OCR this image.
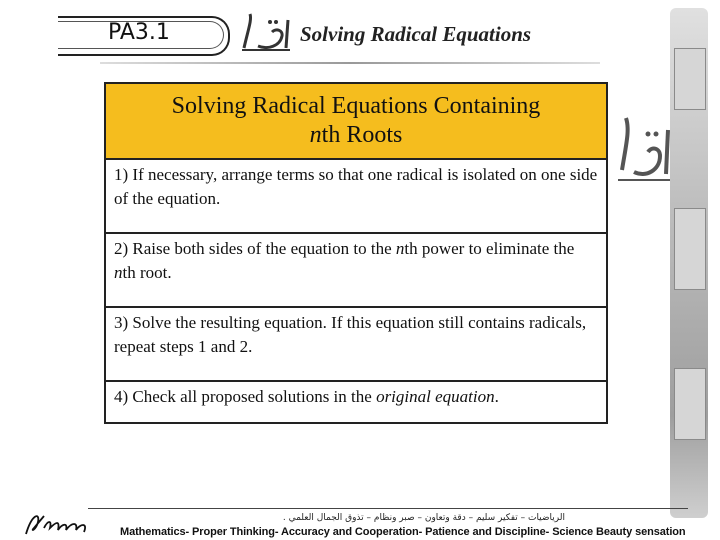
PA3.1	Solving Radical Equations
Solving Radical Equations Containing
nth Roots
1) If necessary, arrange terms so that one radical is isolated on one side of the equation.
2) Raise both sides of the equation to the nth power to eliminate the nth root.
3) Solve the resulting equation. If this equation still contains radicals, repeat steps 1 and 2.
4) Check all proposed solutions in the original equation.
الرياضيات – تفكير سليم – دقة وتعاون – صبر ونظام – تذوق الجمال العلمي .
Mathematics- Proper Thinking- Accuracy and Cooperation- Patience and Discipline- Science Beauty sensation
